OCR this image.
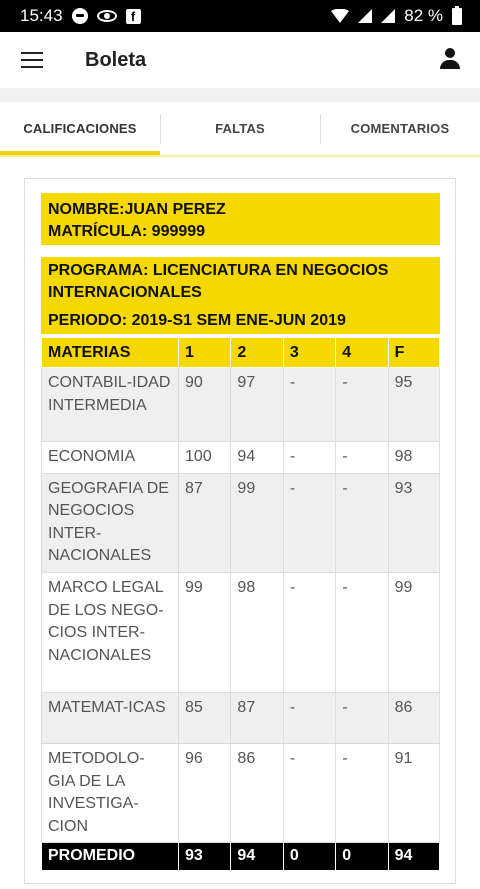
15:43	f	82 %
Boleta
CALIFICACIONES	FALTAS	COMENTARIOS
NOMBRE:JUAN PEREZ
MATRÍCULA: 999999
PROGRAMA: LICENCIATURA EN NEGOCIOS INTERNACIONALES
PERIODO: 2019-S1 SEM ENE-JUN 2019
MATERIAS	1	2	3	4	F
CONTABIL-IDAD INTERMEDIA	90	97	-	-	95
ECONOMIA	100	94	-	-	98
GEOGRAFIA DE NEGOCIOS INTER-NACIONALES	87	99	-	-	93
MARCO LEGAL DE LOS NEGO-CIOS INTER-NACIONALES	99	98	-	-	99
MATEMAT-ICAS	85	87	-	-	86
METODOLO-GIA DE LA INVESTIGA-CION	96	86	-	-	91
PROMEDIO	93	94	0	0	94
